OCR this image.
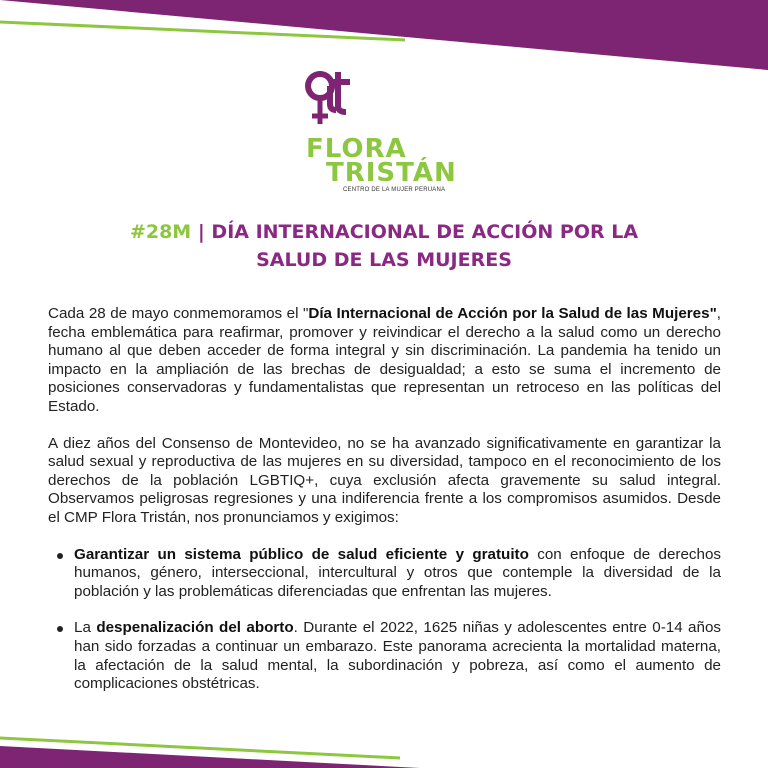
FLORA
TRISTÁN
CENTRO DE LA MUJER PERUANA
#28M | DÍA INTERNACIONAL DE ACCIÓN POR LA
SALUD DE LAS MUJERES

Cada 28 de mayo conmemoramos el "Día Internacional de Acción por la Salud de las Mujeres", fecha emblemática para reafirmar, promover y reivindicar el derecho a la salud como un derecho humano al que deben acceder de forma integral y sin discriminación. La pandemia ha tenido un impacto en la ampliación de las brechas de desigualdad; a esto se suma el incremento de posiciones conservadoras y fundamentalistas que representan un retroceso en las políticas del Estado.

A diez años del Consenso de Montevideo, no se ha avanzado significativamente en garantizar la salud sexual y reproductiva de las mujeres en su diversidad, tampoco en el reconocimiento de los derechos de la población LGBTIQ+, cuya exclusión afecta gravemente su salud integral. Observamos peligrosas regresiones y una indiferencia frente a los compromisos asumidos. Desde el CMP Flora Tristán, nos pronunciamos y exigimos:

Garantizar un sistema público de salud eficiente y gratuito con enfoque de derechos humanos, género, interseccional, intercultural y otros que contemple la diversidad de la población y las problemáticas diferenciadas que enfrentan las mujeres.
La despenalización del aborto. Durante el 2022, 1625 niñas y adolescentes entre 0-14 años han sido forzadas a continuar un embarazo. Este panorama acrecienta la mortalidad materna, la afectación de la salud mental, la subordinación y pobreza, así como el aumento de complicaciones obstétricas.
